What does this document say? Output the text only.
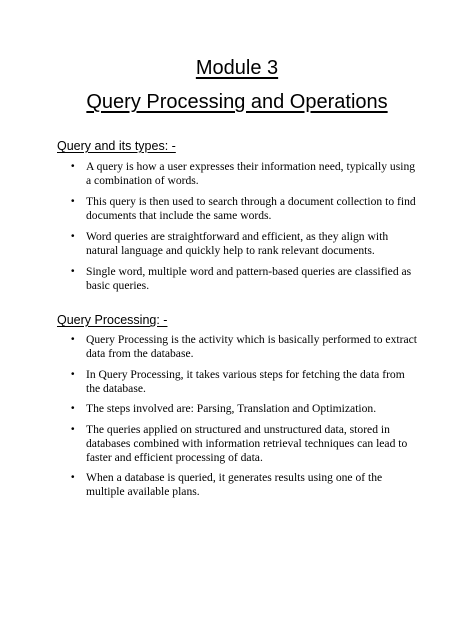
Module 3
Query Processing and Operations
Query and its types: -
• A query is how a user expresses their information need, typically using a combination of words.
• This query is then used to search through a document collection to find documents that include the same words.
• Word queries are straightforward and efficient, as they align with natural language and quickly help to rank relevant documents.
• Single word, multiple word and pattern-based queries are classified as basic queries.
Query Processing: -
• Query Processing is the activity which is basically performed to extract data from the database.
• In Query Processing, it takes various steps for fetching the data from the database.
• The steps involved are: Parsing, Translation and Optimization.
• The queries applied on structured and unstructured data, stored in databases combined with information retrieval techniques can lead to faster and efficient processing of data.
• When a database is queried, it generates results using one of the multiple available plans.
